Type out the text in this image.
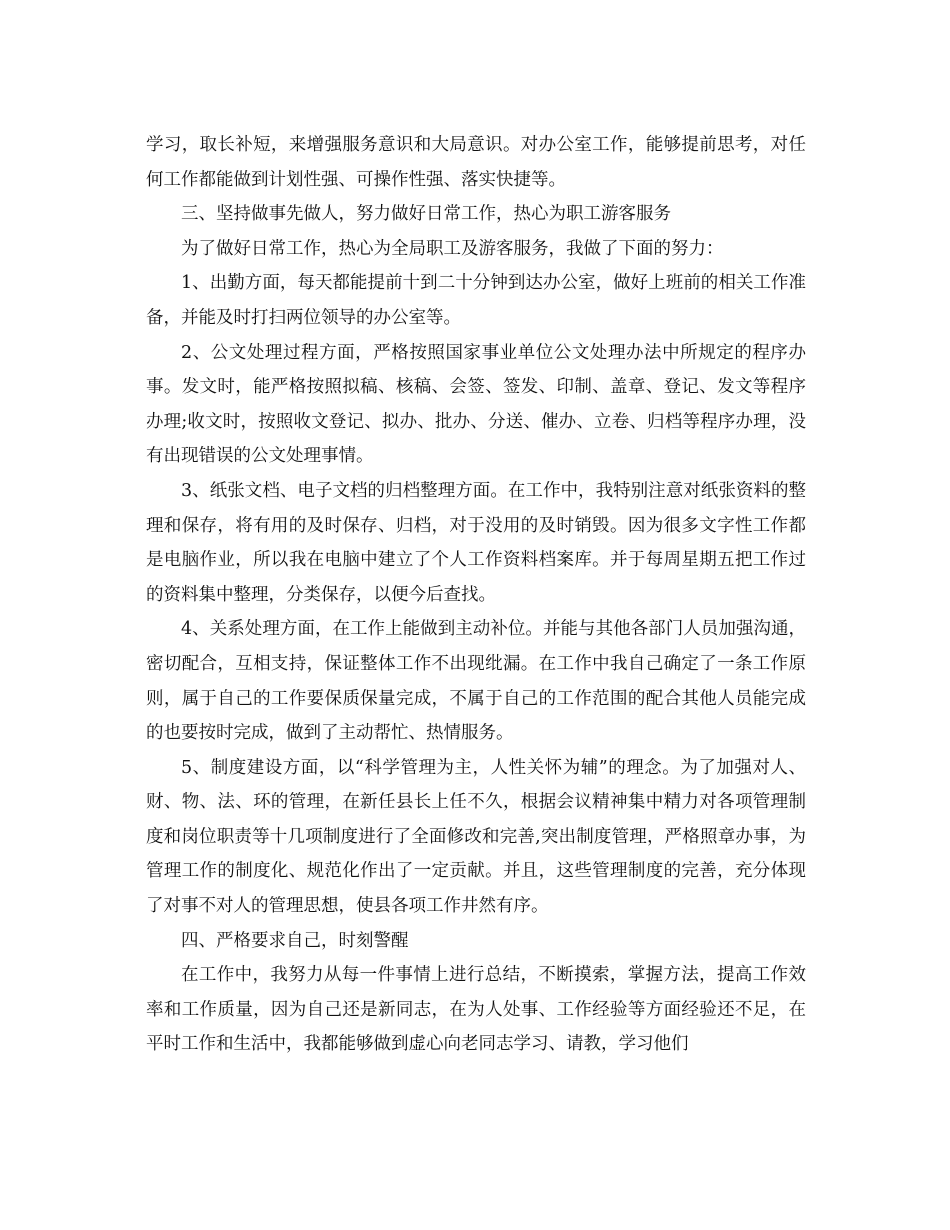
学习，取长补短，来增强服务意识和大局意识。对办公室工作，能够提前思考，对任何工作都能做到计划性强、可操作性强、落实快捷等。

三、坚持做事先做人，努力做好日常工作，热心为职工游客服务

为了做好日常工作，热心为全局职工及游客服务，我做了下面的努力：

1、出勤方面，每天都能提前十到二十分钟到达办公室，做好上班前的相关工作准备，并能及时打扫两位领导的办公室等。

2、公文处理过程方面，严格按照国家事业单位公文处理办法中所规定的程序办事。发文时，能严格按照拟稿、核稿、会签、签发、印制、盖章、登记、发文等程序办理;收文时，按照收文登记、拟办、批办、分送、催办、立卷、归档等程序办理，没有出现错误的公文处理事情。

3、纸张文档、电子文档的归档整理方面。在工作中，我特别注意对纸张资料的整理和保存，将有用的及时保存、归档，对于没用的及时销毁。因为很多文字性工作都是电脑作业，所以我在电脑中建立了个人工作资料档案库。并于每周星期五把工作过的资料集中整理，分类保存，以便今后查找。

4、关系处理方面，在工作上能做到主动补位。并能与其他各部门人员加强沟通，密切配合，互相支持，保证整体工作不出现纰漏。在工作中我自己确定了一条工作原则，属于自己的工作要保质保量完成，不属于自己的工作范围的配合其他人员能完成的也要按时完成，做到了主动帮忙、热情服务。

5、制度建设方面，以“科学管理为主，人性关怀为辅”的理念。为了加强对人、财、物、法、环的管理，在新任县长上任不久，根据会议精神集中精力对各项管理制度和岗位职责等十几项制度进行了全面修改和完善,突出制度管理，严格照章办事，为管理工作的制度化、规范化作出了一定贡献。并且，这些管理制度的完善，充分体现了对事不对人的管理思想，使县各项工作井然有序。

四、严格要求自己，时刻警醒

在工作中，我努力从每一件事情上进行总结，不断摸索，掌握方法，提高工作效率和工作质量，因为自己还是新同志，在为人处事、工作经验等方面经验还不足，在平时工作和生活中，我都能够做到虚心向老同志学习、请教，学习他们
